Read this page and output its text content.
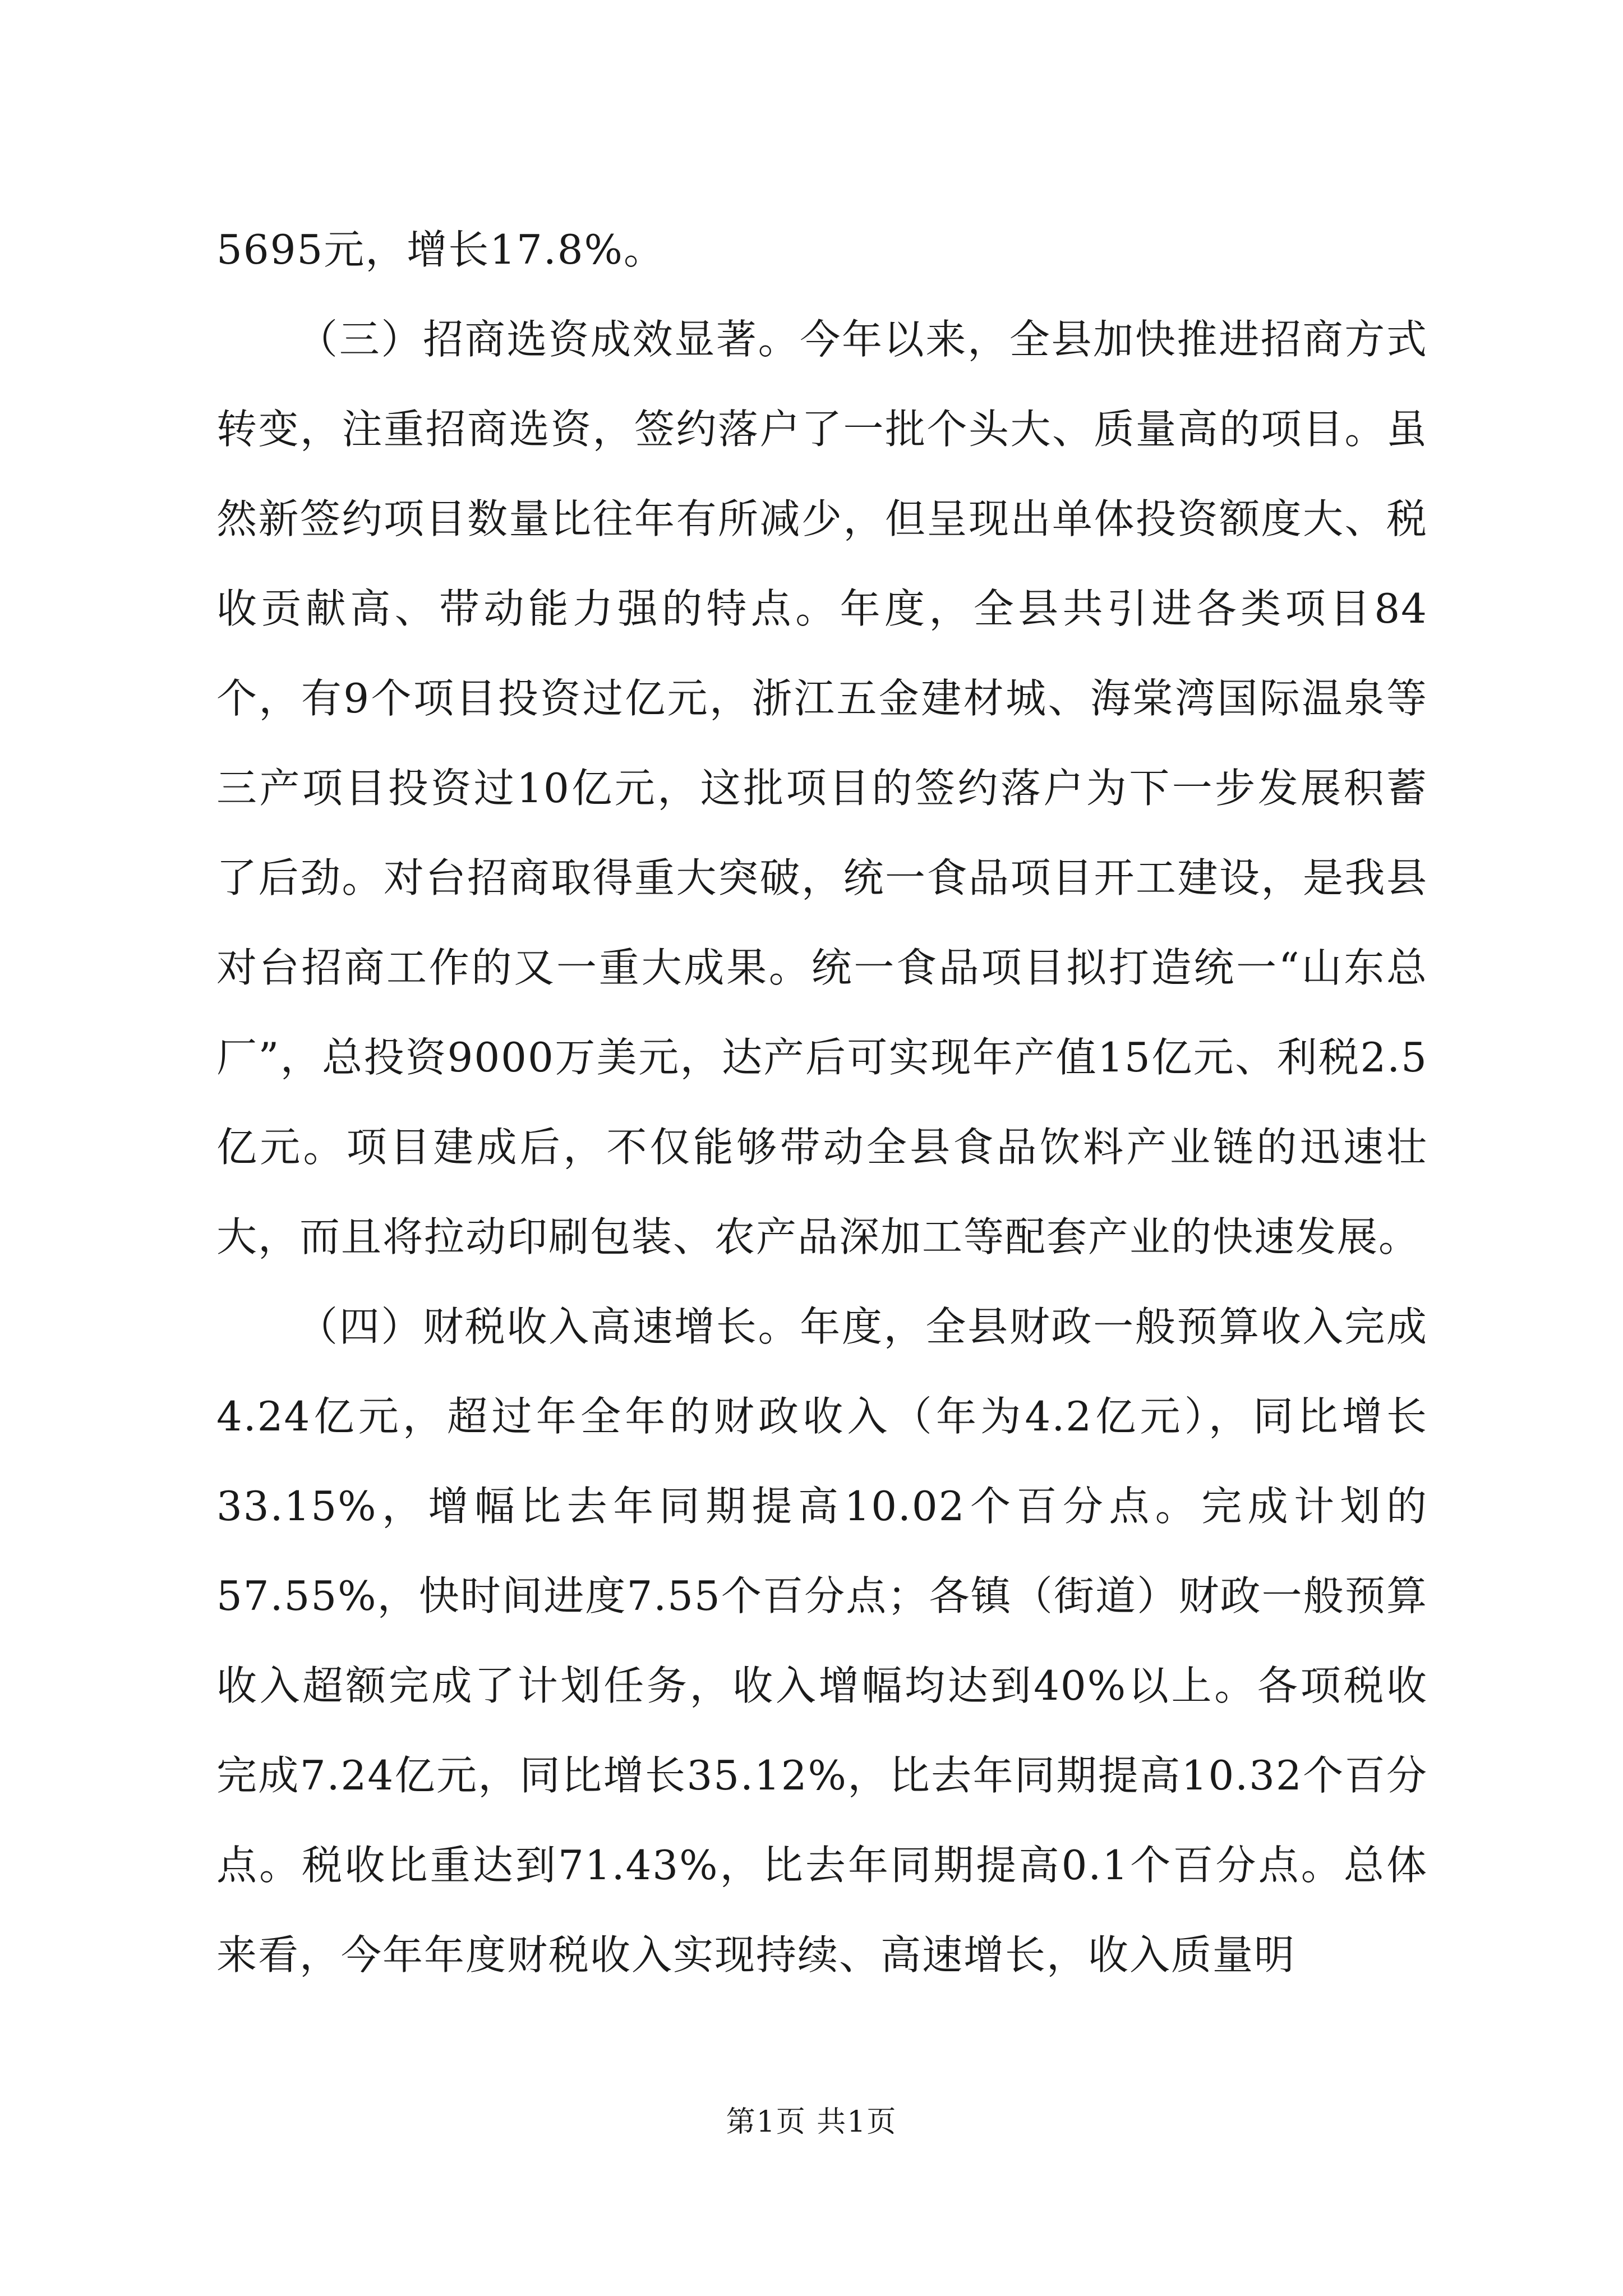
5695元，增长17.8%。

（三）招商选资成效显著。今年以来，全县加快推进招商方式转变，注重招商选资，签约落户了一批个头大、质量高的项目。虽然新签约项目数量比往年有所减少，但呈现出单体投资额度大、税收贡献高、带动能力强的特点。年度，全县共引进各类项目84个，有9个项目投资过亿元，浙江五金建材城、海棠湾国际温泉等三产项目投资过10亿元，这批项目的签约落户为下一步发展积蓄了后劲。对台招商取得重大突破，统一食品项目开工建设，是我县对台招商工作的又一重大成果。统一食品项目拟打造统一“山东总厂”，总投资9000万美元，达产后可实现年产值15亿元、利税2.5亿元。项目建成后，不仅能够带动全县食品饮料产业链的迅速壮大，而且将拉动印刷包装、农产品深加工等配套产业的快速发展。

（四）财税收入高速增长。年度，全县财政一般预算收入完成4.24亿元，超过年全年的财政收入（年为4.2亿元），同比增长33.15%，增幅比去年同期提高10.02个百分点。完成计划的57.55%，快时间进度7.55个百分点；各镇（街道）财政一般预算收入超额完成了计划任务，收入增幅均达到40%以上。各项税收完成7.24亿元，同比增长35.12%，比去年同期提高10.32个百分点。税收比重达到71.43%，比去年同期提高0.1个百分点。总体来看，今年年度财税收入实现持续、高速增长，收入质量明

第1页 共1页
